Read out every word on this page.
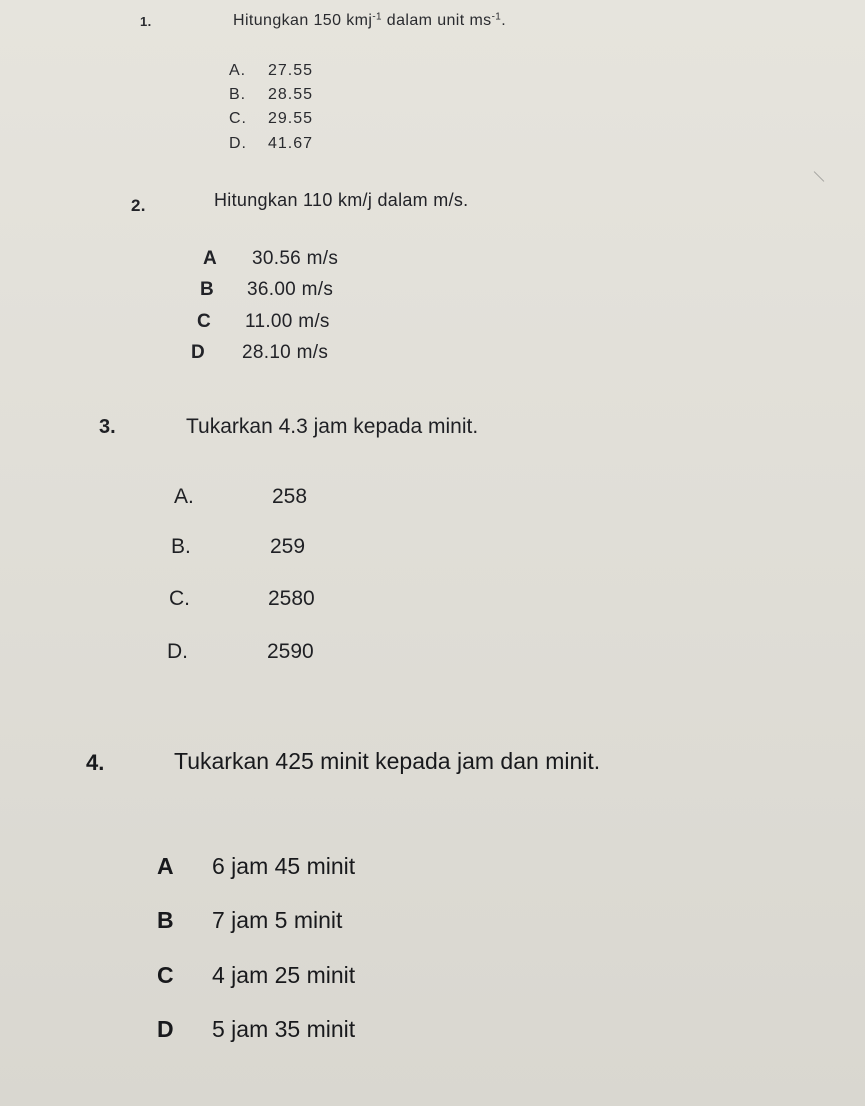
1.	Hitungkan 150 kmj$^{-1}$ dalam unit $ms^{-1}$.
A. 27.55
B. 28.55
C. 29.55
D. 41.67
2.	Hitungkan 110 km/j dalam m/s.
A 30.56 m/s
B 36.00 m/s
C 11.00 m/s
D 28.10 m/s
3.	Tukarkan 4.3 jam kepada minit.
A.	258
B.	259
C.	2580
D.	2590
4.	Tukarkan 425 minit kepada jam dan minit.
A 6 jam 45 minit
B 7 jam 5 minit
C 4 jam 25 minit
D 5 jam 35 minit
